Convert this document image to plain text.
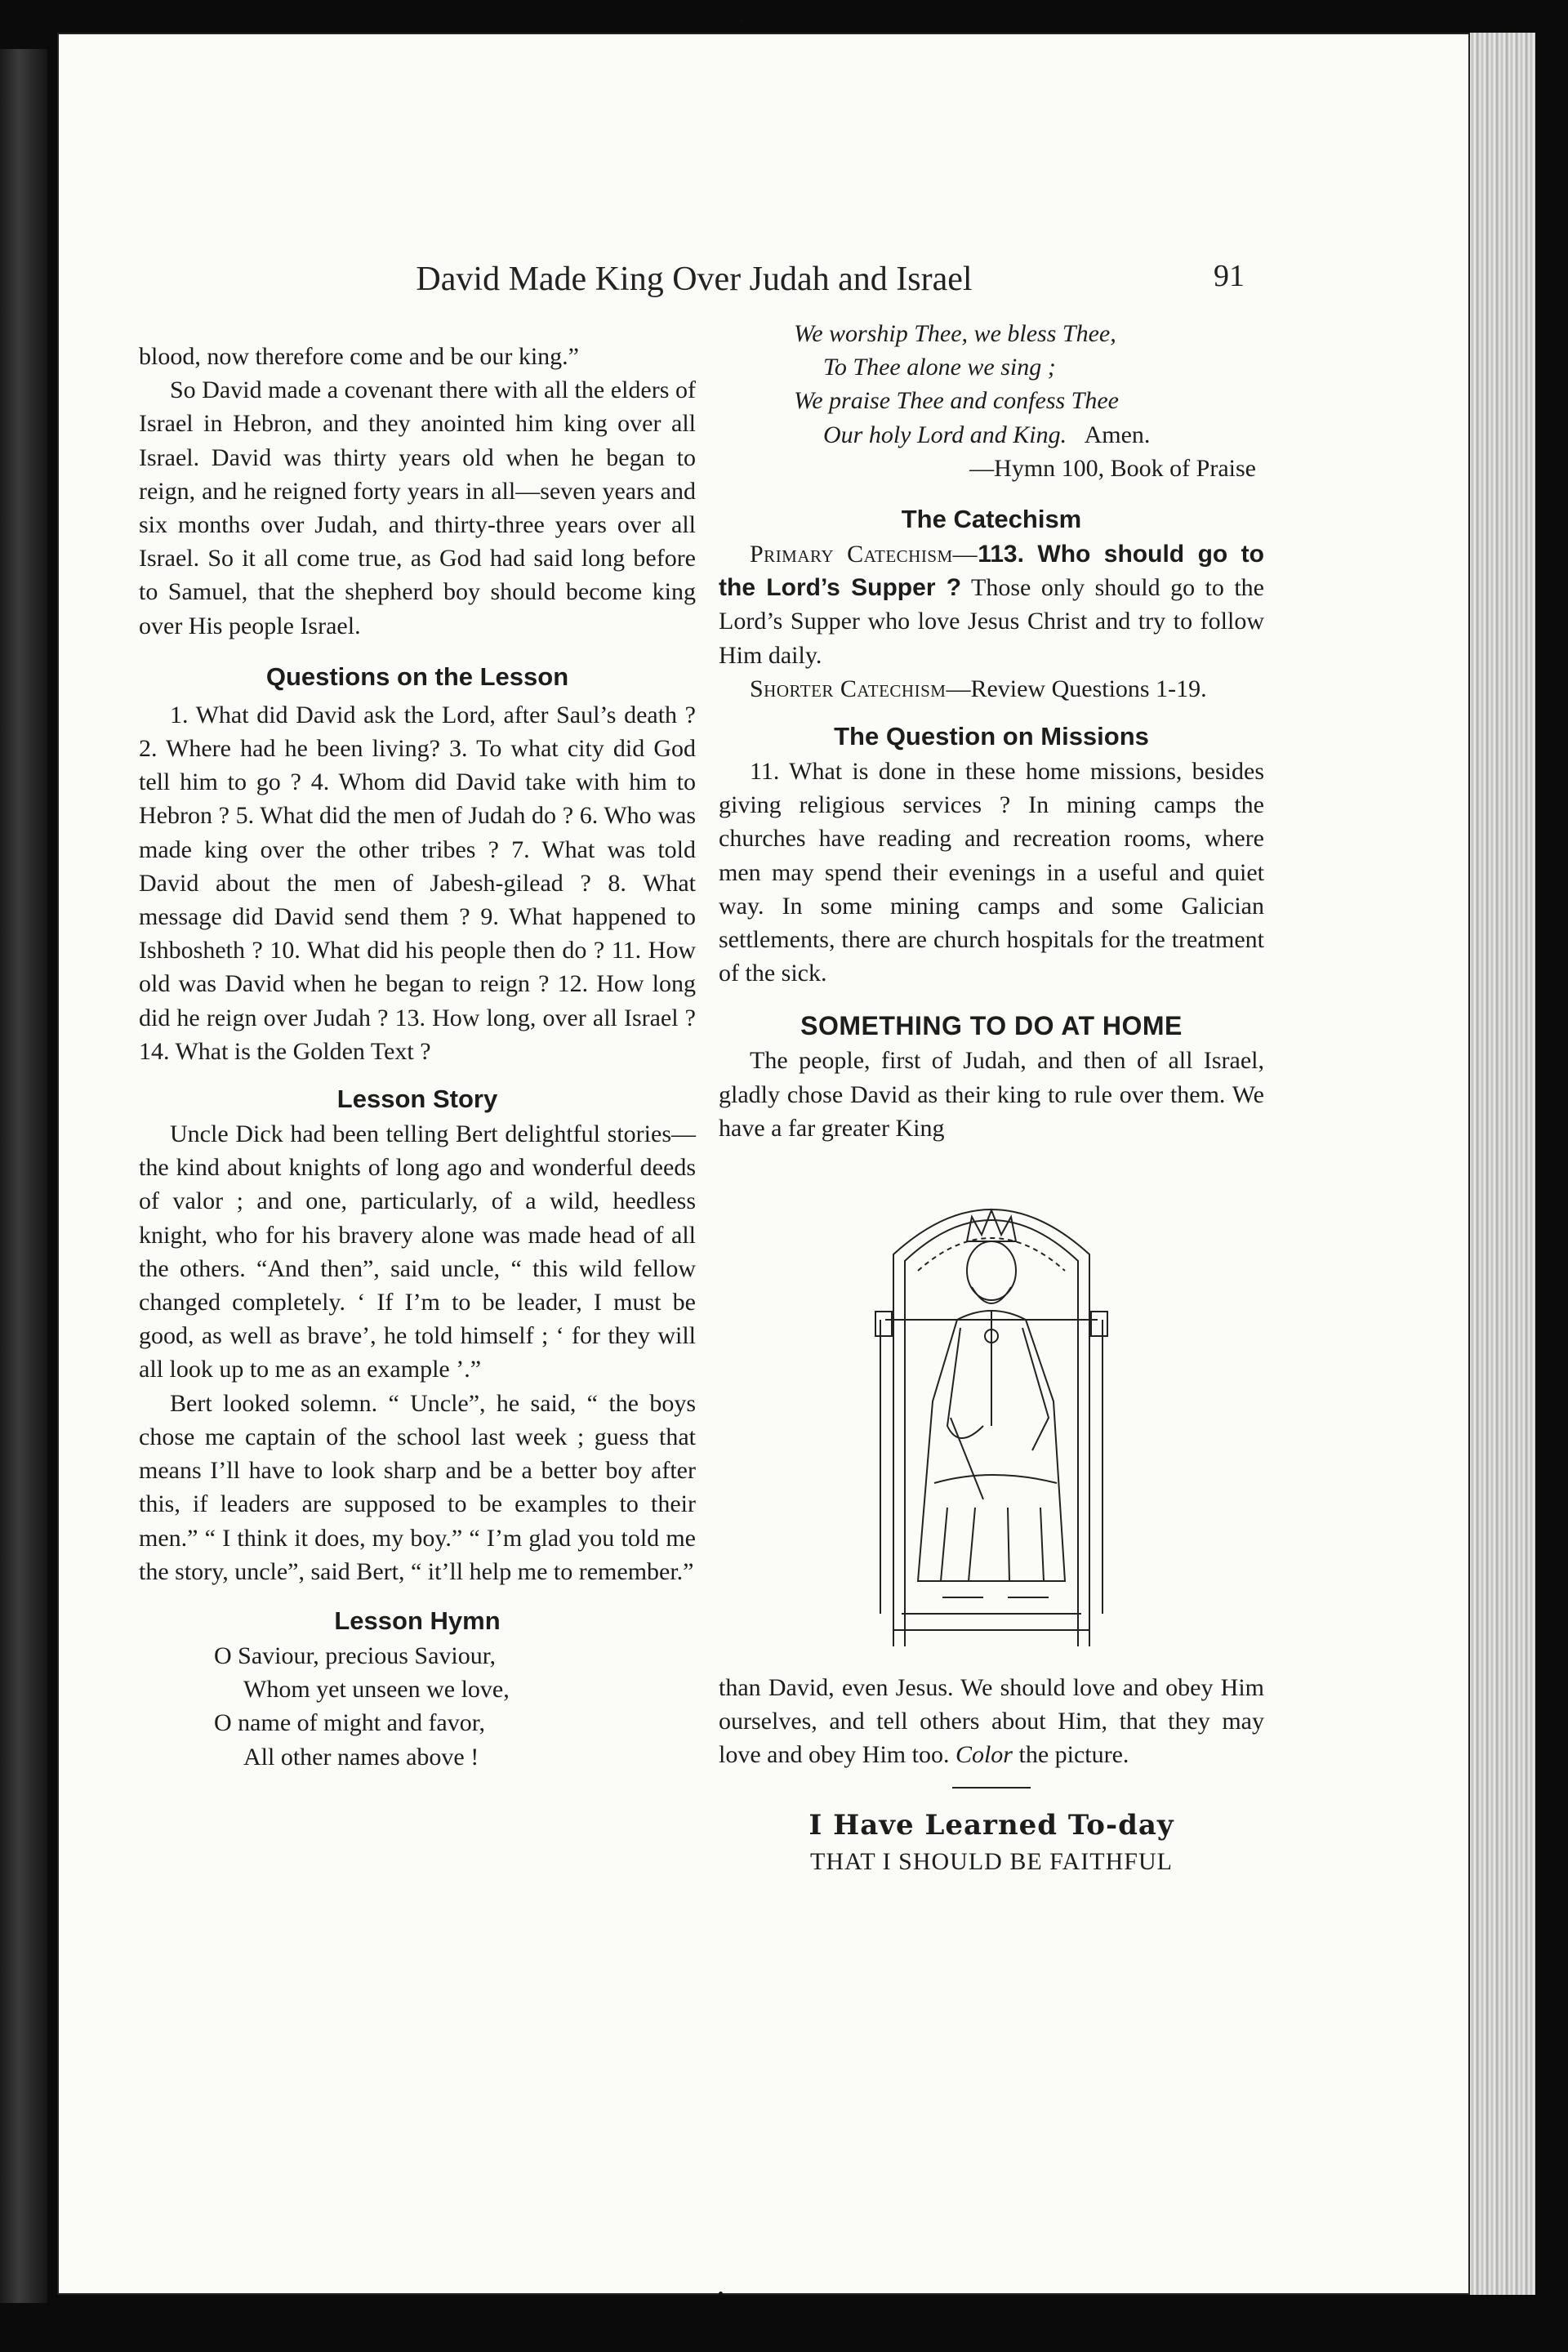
David Made King Over Judah and Israel	91

blood, now therefore come and be our king.”

So David made a covenant there with all the elders of Israel in Hebron, and they anointed him king over all Israel. David was thirty years old when he began to reign, and he reigned forty years in all—seven years and six months over Judah, and thirty-three years over all Israel. So it all come true, as God had said long before to Samuel, that the shepherd boy should become king over His people Israel.

Questions on the Lesson

1. What did David ask the Lord, after Saul’s death ? 2. Where had he been living? 3. To what city did God tell him to go ? 4. Whom did David take with him to Hebron ? 5. What did the men of Judah do ? 6. Who was made king over the other tribes ? 7. What was told David about the men of Jabesh-gilead ? 8. What message did David send them ? 9. What happened to Ishbosheth ? 10. What did his people then do ? 11. How old was David when he began to reign ? 12. How long did he reign over Judah ? 13. How long, over all Israel ? 14. What is the Golden Text ?

Lesson Story

Uncle Dick had been telling Bert delightful stories—the kind about knights of long ago and wonderful deeds of valor ; and one, particularly, of a wild, heedless knight, who for his bravery alone was made head of all the others. “And then”, said uncle, “ this wild fellow changed completely. ‘ If I’m to be leader, I must be good, as well as brave’, he told himself ; ‘ for they will all look up to me as an example ’.”

Bert looked solemn. “ Uncle”, he said, “ the boys chose me captain of the school last week ; guess that means I’ll have to look sharp and be a better boy after this, if leaders are supposed to be examples to their men.” “ I think it does, my boy.” “ I’m glad you told me the story, uncle”, said Bert, “ it’ll help me to remember.”

Lesson Hymn
O Saviour, precious Saviour,
Whom yet unseen we love,
O name of might and favor,
All other names above !
We worship Thee, we bless Thee,
To Thee alone we sing ;
We praise Thee and confess Thee
Our holy Lord and King. Amen.
—Hymn 100, Book of Praise
The Catechism

Primary Catechism—113. Who should go to the Lord’s Supper ? Those only should go to the Lord’s Supper who love Jesus Christ and try to follow Him daily.

Shorter Catechism—Review Questions 1-19.

The Question on Missions

11. What is done in these home missions, besides giving religious services ? In mining camps the churches have reading and recreation rooms, where men may spend their evenings in a useful and quiet way. In some mining camps and some Galician settlements, there are church hospitals for the treatment of the sick.

SOMETHING TO DO AT HOME

The people, first of Judah, and then of all Israel, gladly chose David as their king to rule over them. We have a far greater King

than David, even Jesus. We should love and obey Him ourselves, and tell others about Him, that they may love and obey Him too. Color the picture.

I Have Learned To-day
THAT I SHOULD BE FAITHFUL
